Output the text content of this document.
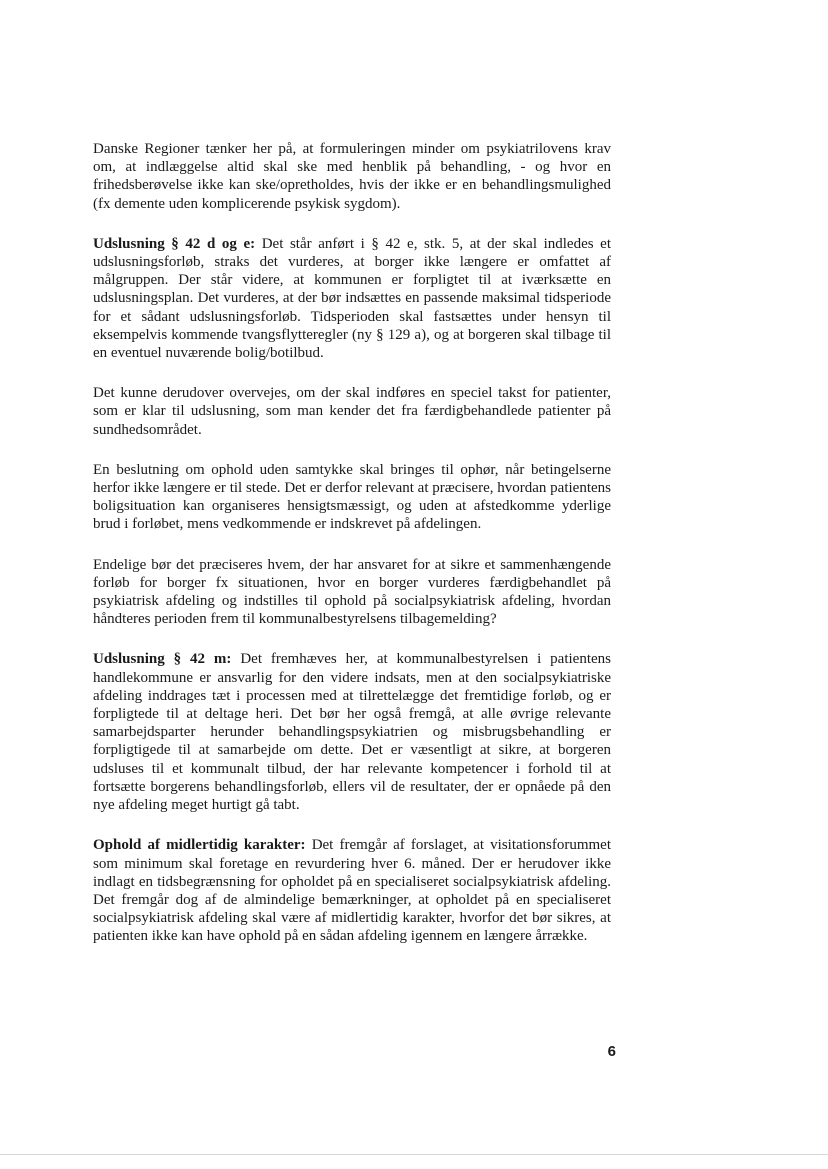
Danske Regioner tænker her på, at formuleringen minder om psykiatrilovens krav om, at indlæggelse altid skal ske med henblik på behandling, - og hvor en frihedsberøvelse ikke kan ske/opretholdes, hvis der ikke er en behandlingsmulighed (fx demente uden komplicerende psykisk sygdom).

Udslusning § 42 d og e: Det står anført i § 42 e, stk. 5, at der skal indledes et udslusningsforløb, straks det vurderes, at borger ikke længere er omfattet af målgruppen. Der står videre, at kommunen er forpligtet til at iværksætte en udslusningsplan. Det vurderes, at der bør indsættes en passende maksimal tidsperiode for et sådant udslusningsforløb. Tidsperioden skal fastsættes under hensyn til eksempelvis kommende tvangsflytteregler (ny § 129 a), og at borgeren skal tilbage til en eventuel nuværende bolig/botilbud.

Det kunne derudover overvejes, om der skal indføres en speciel takst for patienter, som er klar til udslusning, som man kender det fra færdigbehandlede patienter på sundhedsområdet.

En beslutning om ophold uden samtykke skal bringes til ophør, når betingelserne herfor ikke længere er til stede. Det er derfor relevant at præcisere, hvordan patientens boligsituation kan organiseres hensigtsmæssigt, og uden at afstedkomme yderlige brud i forløbet, mens vedkommende er indskrevet på afdelingen.

Endelige bør det præciseres hvem, der har ansvaret for at sikre et sammenhængende forløb for borger fx situationen, hvor en borger vurderes færdigbehandlet på psykiatrisk afdeling og indstilles til ophold på socialpsykiatrisk afdeling, hvordan håndteres perioden frem til kommunalbestyrelsens tilbagemelding?

Udslusning § 42 m: Det fremhæves her, at kommunalbestyrelsen i patientens handlekommune er ansvarlig for den videre indsats, men at den socialpsykiatriske afdeling inddrages tæt i processen med at tilrettelægge det fremtidige forløb, og er forpligtede til at deltage heri. Det bør her også fremgå, at alle øvrige relevante samarbejdsparter herunder behandlingspsykiatrien og misbrugsbehandling er forpligtigede til at samarbejde om dette. Det er væsentligt at sikre, at borgeren udsluses til et kommunalt tilbud, der har relevante kompetencer i forhold til at fortsætte borgerens behandlingsforløb, ellers vil de resultater, der er opnåede på den nye afdeling meget hurtigt gå tabt.

Ophold af midlertidig karakter: Det fremgår af forslaget, at visitationsforummet som minimum skal foretage en revurdering hver 6. måned. Der er herudover ikke indlagt en tidsbegrænsning for opholdet på en specialiseret socialpsykiatrisk afdeling. Det fremgår dog af de almindelige bemærkninger, at opholdet på en specialiseret socialpsykiatrisk afdeling skal være af midlertidig karakter, hvorfor det bør sikres, at patienten ikke kan have ophold på en sådan afdeling igennem en længere årrække.

6
